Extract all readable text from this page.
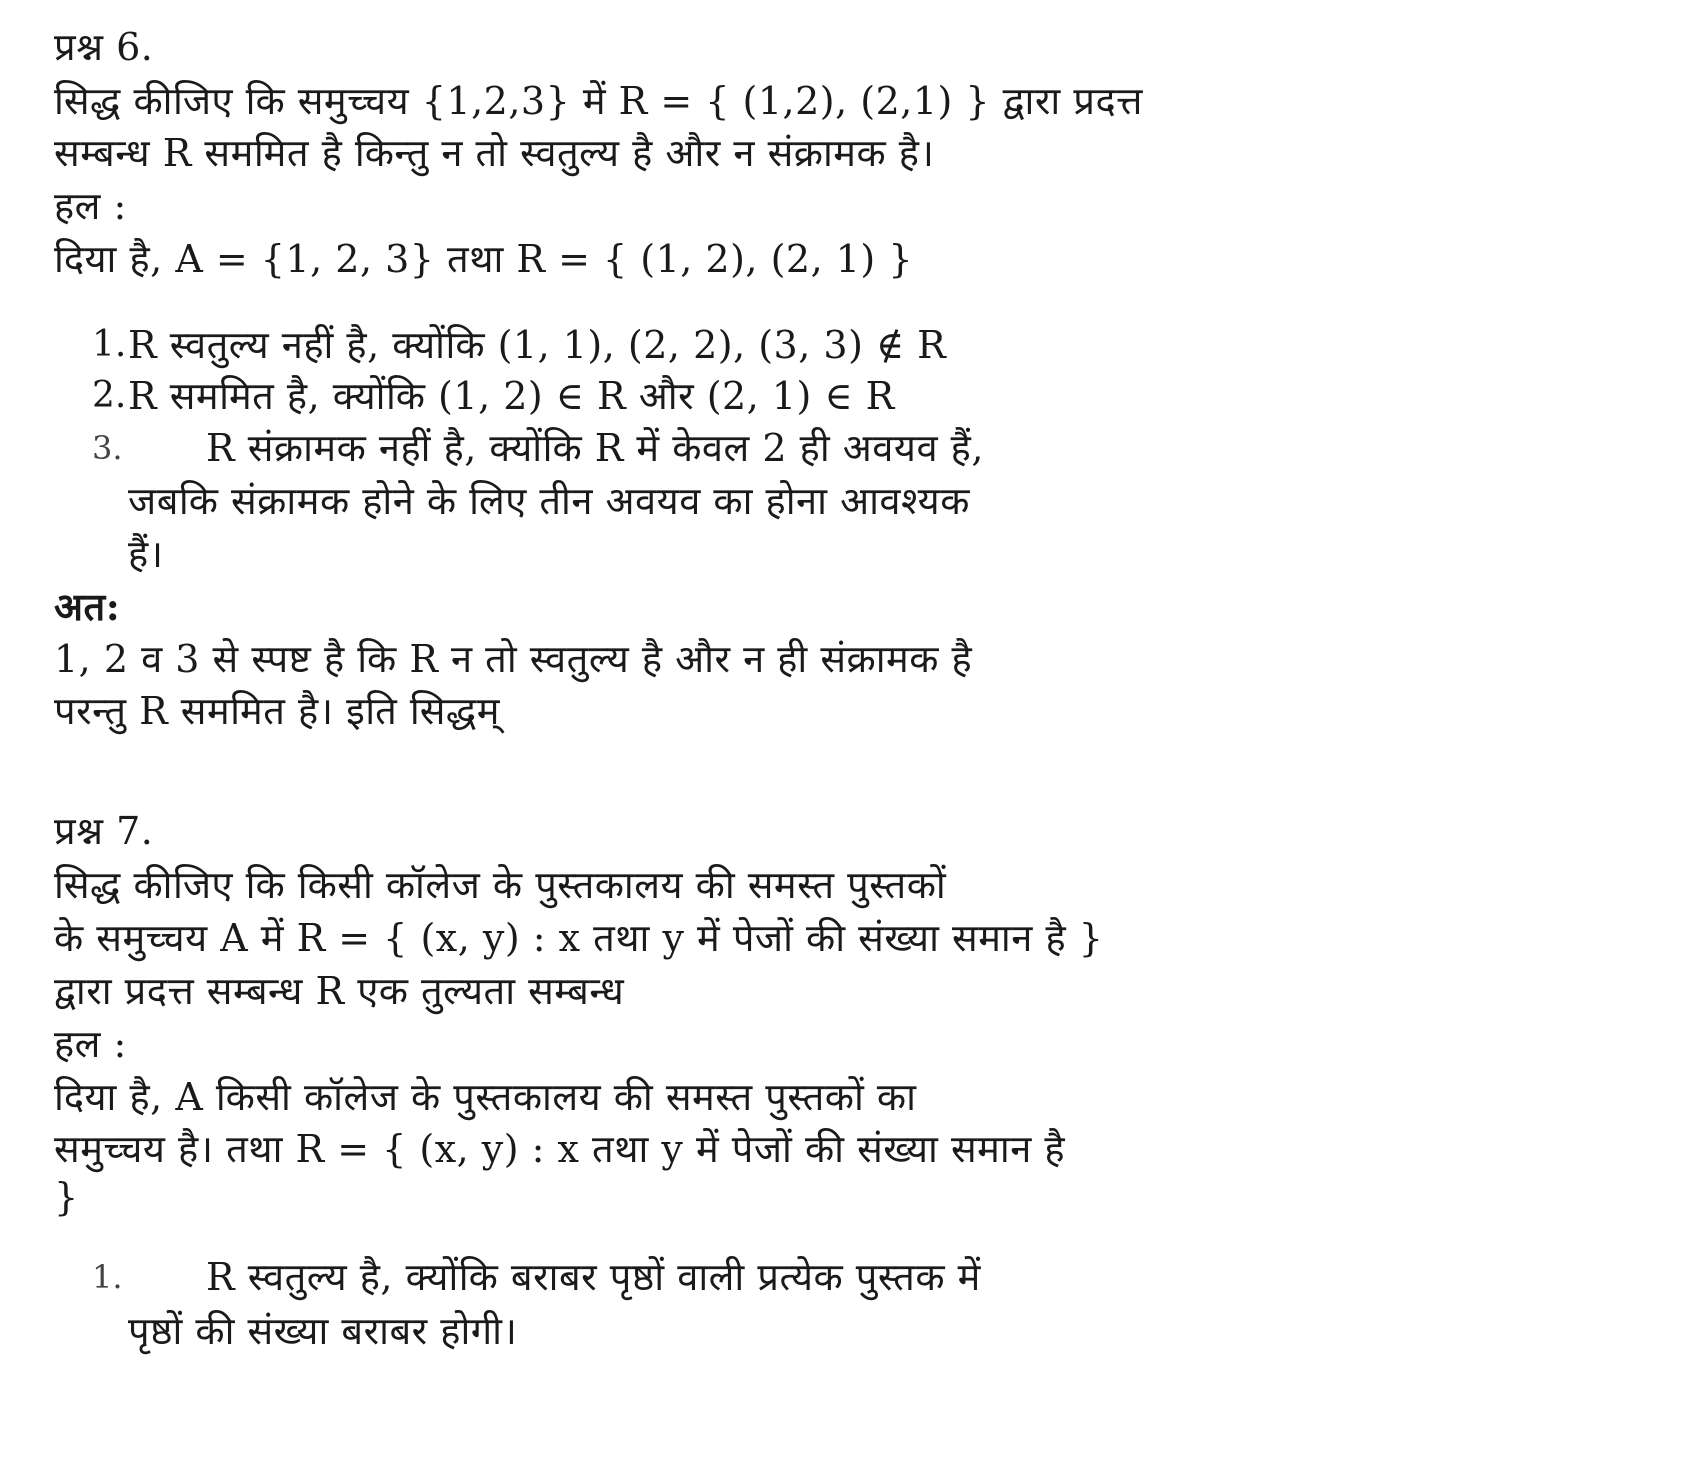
प्रश्न 6.

सिद्ध कीजिए कि समुच्चय {1,2,3} में R = { (1,2), (2,1) } द्वारा प्रदत्त

सम्बन्ध R सममित है किन्तु न तो स्वतुल्य है और न संक्रामक है।

हल :

दिया है, A = {1, 2, 3} तथा R = { (1, 2), (2, 1) }

1. R स्वतुल्य नहीं है, क्योंकि (1, 1), (2, 2), (3, 3) ∉ R

2. R सममित है, क्योंकि (1, 2) ∈ R और (2, 1) ∈ R

3. R संक्रामक नहीं है, क्योंकि R में केवल 2 ही अवयव हैं,

जबकि संक्रामक होने के लिए तीन अवयव का होना आवश्यक

हैं।

अत:

1, 2 व 3 से स्पष्ट है कि R न तो स्वतुल्य है और न ही संक्रामक है

परन्तु R सममित है। इति सिद्धम्

प्रश्न 7.

सिद्ध कीजिए कि किसी कॉलेज के पुस्तकालय की समस्त पुस्तकों

के समुच्चय A में R = { (x, y) : x तथा y में पेजों की संख्या समान है }

द्वारा प्रदत्त सम्बन्ध R एक तुल्यता सम्बन्ध

हल :

दिया है, A किसी कॉलेज के पुस्तकालय की समस्त पुस्तकों का

समुच्चय है। तथा R = { (x, y) : x तथा y में पेजों की संख्या समान है

}

1. R स्वतुल्य है, क्योंकि बराबर पृष्ठों वाली प्रत्येक पुस्तक में

पृष्ठों की संख्या बराबर होगी।
